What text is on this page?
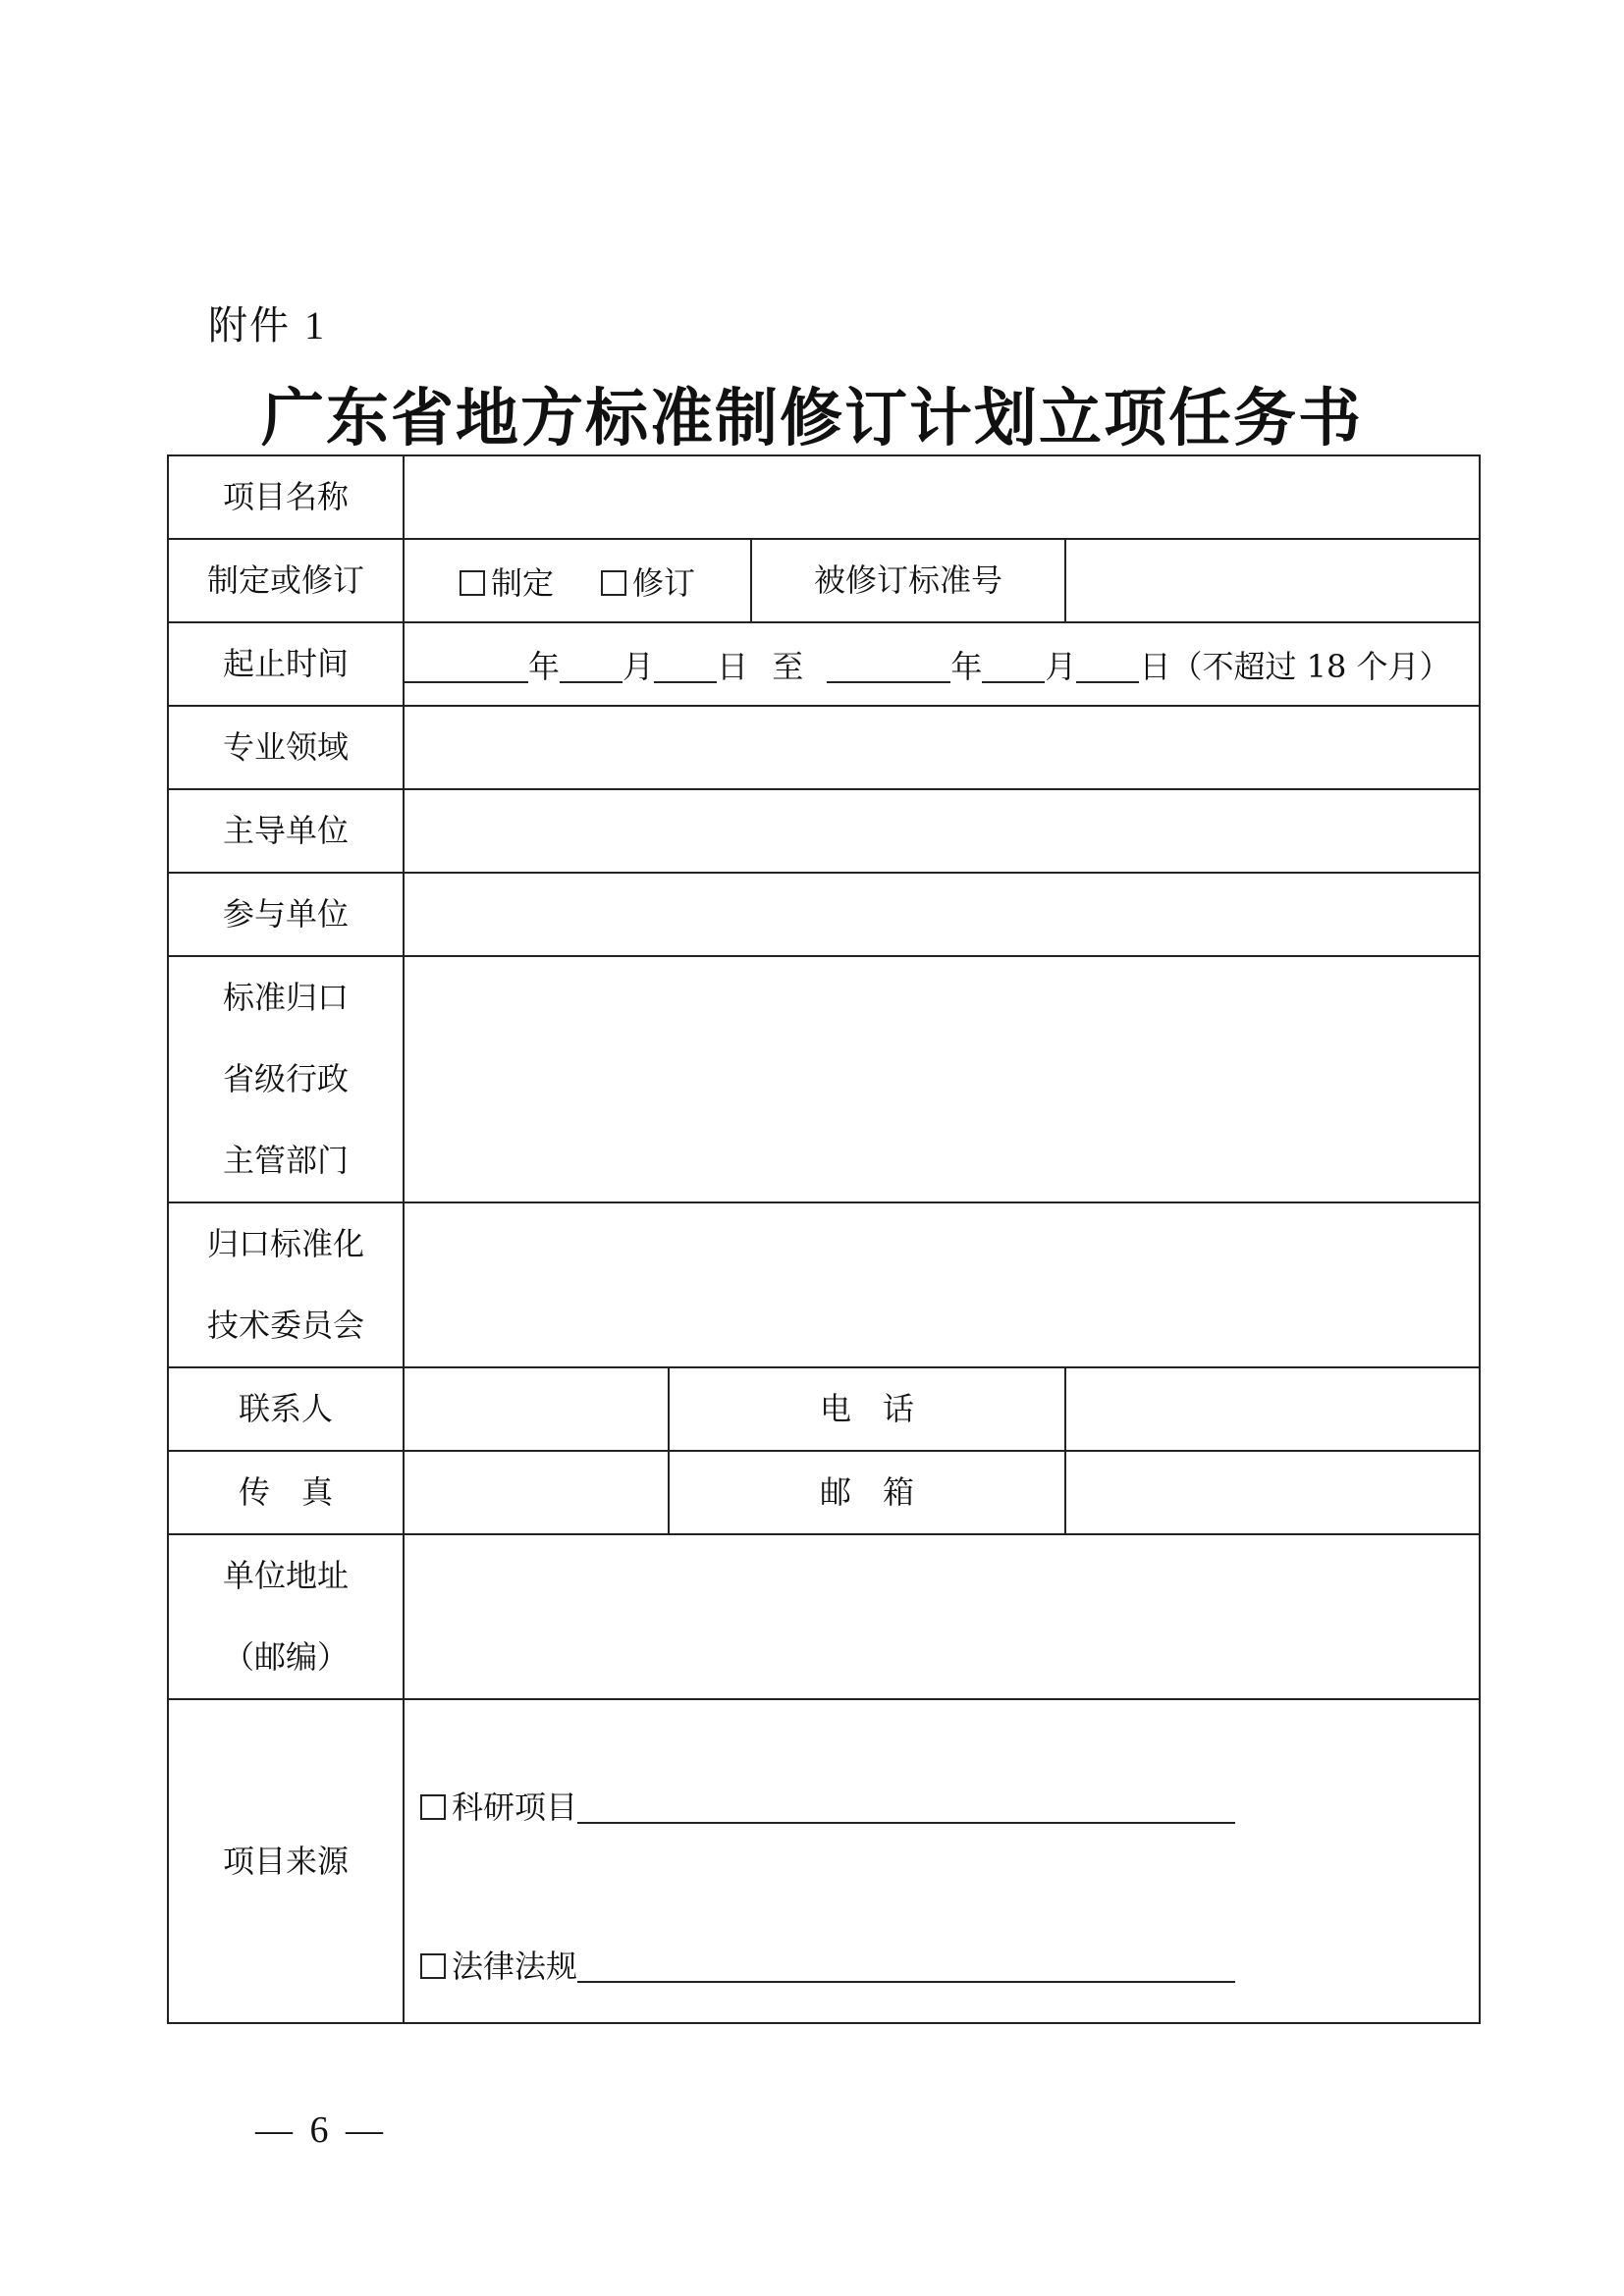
附件 1
广东省地方标准制修订计划立项任务书
项目名称				
制定或修订	制定 修订		被修订标准号	
起止时间	年 月 日 至 年 月 日（不超过 18 个月）			
专业领域				
主导单位				
参与单位				

标准归口
省级行政
主管部门				

归口标准化
技术委员会				

联系人		电　话		
传　真		邮　箱		

单位地址
（邮编）				

项目来源	科研项目
法律法规			
— 6 —
